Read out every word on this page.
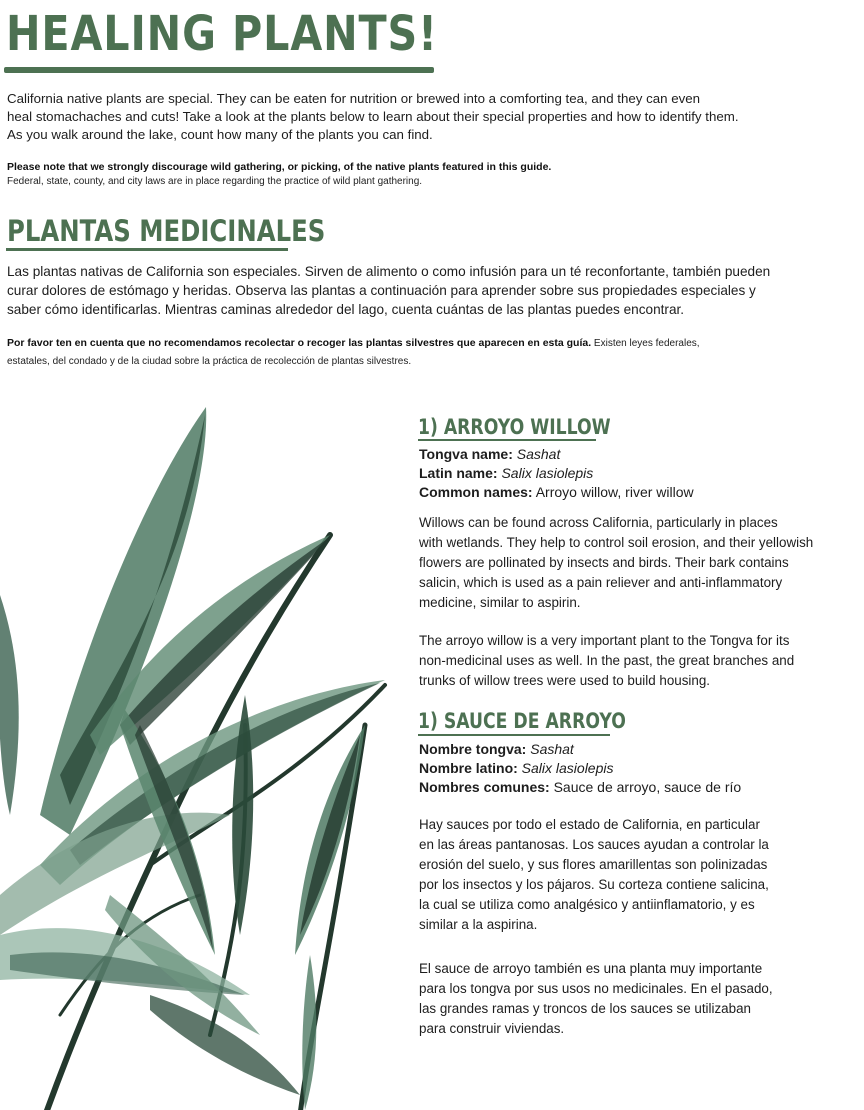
HEALING PLANTS!
California native plants are special. They can be eaten for nutrition or brewed into a comforting tea, and they can even
heal stomachaches and cuts! Take a look at the plants below to learn about their special properties and how to identify them.
As you walk around the lake, count how many of the plants you can find.
Please note that we strongly discourage wild gathering, or picking, of the native plants featured in this guide.
Federal, state, county, and city laws are in place regarding the practice of wild plant gathering.
PLANTAS MEDICINALES
Las plantas nativas de California son especiales. Sirven de alimento o como infusión para un té reconfortante, también pueden
curar dolores de estómago y heridas. Observa las plantas a continuación para aprender sobre sus propiedades especiales y
saber cómo identificarlas. Mientras caminas alrededor del lago, cuenta cuántas de las plantas puedes encontrar.
Por favor ten en cuenta que no recomendamos recolectar o recoger las plantas silvestres que aparecen en esta guía. Existen leyes federales,
estatales, del condado y de la ciudad sobre la práctica de recolección de plantas silvestres.
1) ARROYO WILLOW
Tongva name: Sashat
Latin name: Salix lasiolepis
Common names: Arroyo willow, river willow
Willows can be found across California, particularly in places
with wetlands. They help to control soil erosion, and their yellowish
flowers are pollinated by insects and birds. Their bark contains
salicin, which is used as a pain reliever and anti-inflammatory
medicine, similar to aspirin.
The arroyo willow is a very important plant to the Tongva for its
non-medicinal uses as well. In the past, the great branches and
trunks of willow trees were used to build housing.
1) SAUCE DE ARROYO
Nombre tongva: Sashat
Nombre latino: Salix lasiolepis
Nombres comunes: Sauce de arroyo, sauce de río
Hay sauces por todo el estado de California, en particular
en las áreas pantanosas. Los sauces ayudan a controlar la
erosión del suelo, y sus flores amarillentas son polinizadas
por los insectos y los pájaros. Su corteza contiene salicina,
la cual se utiliza como analgésico y antiinflamatorio, y es
similar a la aspirina.
El sauce de arroyo también es una planta muy importante
para los tongva por sus usos no medicinales. En el pasado,
las grandes ramas y troncos de los sauces se utilizaban
para construir viviendas.
